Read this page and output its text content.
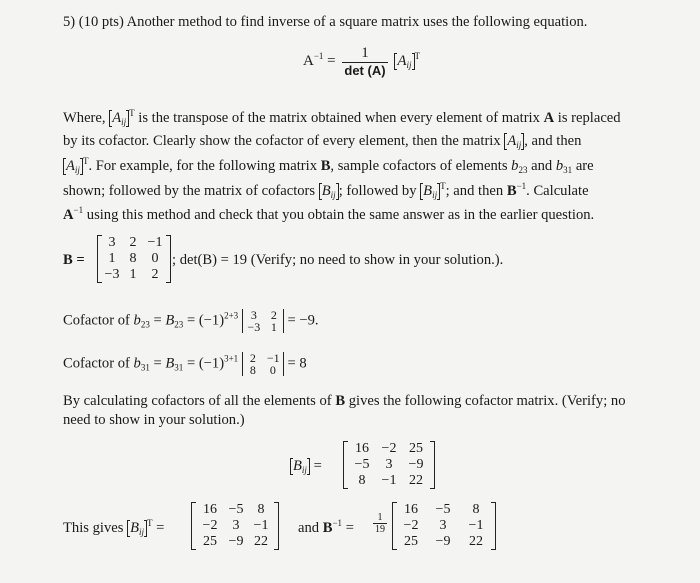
5) (10 pts) Another method to find inverse of a square matrix uses the following equation.
$A^{-1} = \frac{1}{\det (A)} A_{ij}^T$
Where, $A_{ij}^T$ is the transpose of the matrix obtained when every element of matrix A is replaced
by its cofactor. Clearly show the cofactor of every element, then the matrix $A_{ij}$ , and then
$A_{ij}^T$. For example, for the following matrix B, sample cofactors of elements $b_{23}$ and $b_{31}$ are
shown; followed by the matrix of cofactors $B_{ij}$ ; followed by $B_{ij}^T$; and then $B^{-1}$. Calculate
$A^{-1}$ using this method and check that you obtain the same answer as in the earlier question.
B =
3	2 −1
1	8	0
−3 1	2
; det(B) = 19 (Verify; no need to show in your solution.).
Cofactor of $b_{23} = B_{23} = (-1)^{2+3}$	3	2
−3 1 = −9.
Cofactor of $b_{31} = B_{31} = (-1)^{3+1}$ 2 −1
8 0 = 8
By calculating cofactors of all the elements of B gives the following cofactor matrix. (Verify; no
need to show in your solution.)
$B_{ij}$ =
16 −2 25
−5	3	−9
8	−1 22
This gives $B_{ij}^T$ =
16 −5	8
−2	3	−1
25 −9 22
and $B^{-1} = \frac{1}{19}$
16	−5	8
−2	3	−1
25	−9	22
